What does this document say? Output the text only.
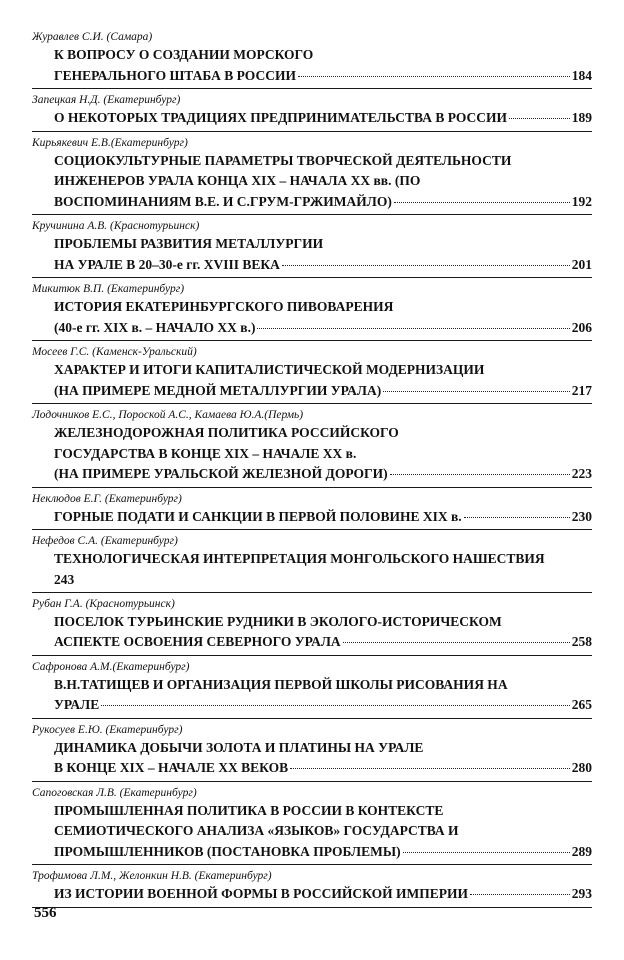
Журавлев С.И. (Самара)
К ВОПРОСУ О СОЗДАНИИ МОРСКОГО
ГЕНЕРАЛЬНОГО ШТАБА В РОССИИ	184
Запецкая Н.Д. (Екатеринбург)
О НЕКОТОРЫХ ТРАДИЦИЯХ ПРЕДПРИНИМАТЕЛЬСТВА В РОССИИ	189
Кирьякевич Е.В.(Екатеринбург)
СОЦИОКУЛЬТУРНЫЕ ПАРАМЕТРЫ ТВОРЧЕСКОЙ ДЕЯТЕЛЬНОСТИ
ИНЖЕНЕРОВ УРАЛА КОНЦА XIX – НАЧАЛА XX вв. (ПО
ВОСПОМИНАНИЯМ В.Е. И С.ГРУМ-ГРЖИМАЙЛО)	192
Кручинина А.В. (Краснотурьинск)
ПРОБЛЕМЫ РАЗВИТИЯ МЕТАЛЛУРГИИ
НА УРАЛЕ В 20–30-е гг. XVIII ВЕКА	201
Микитюк В.П. (Екатеринбург)
ИСТОРИЯ ЕКАТЕРИНБУРГСКОГО ПИВОВАРЕНИЯ
(40-е гг. XIX в. – НАЧАЛО XX в.)	206
Мосеев Г.С. (Каменск-Уральский)
ХАРАКТЕР И ИТОГИ КАПИТАЛИСТИЧЕСКОЙ МОДЕРНИЗАЦИИ
(НА ПРИМЕРЕ МЕДНОЙ МЕТАЛЛУРГИИ УРАЛА)	217
Лодочников Е.С., Пороской А.С., Камаева Ю.А.(Пермь)
ЖЕЛЕЗНОДОРОЖНАЯ ПОЛИТИКА РОССИЙСКОГО
ГОСУДАРСТВА В КОНЦЕ XIX – НАЧАЛЕ XX в.
(НА ПРИМЕРЕ УРАЛЬСКОЙ ЖЕЛЕЗНОЙ ДОРОГИ)	223
Неклюдов Е.Г. (Екатеринбург)
ГОРНЫЕ ПОДАТИ И САНКЦИИ В ПЕРВОЙ ПОЛОВИНЕ XIX в.	230
Нефедов С.А. (Екатеринбург)
ТЕХНОЛОГИЧЕСКАЯ ИНТЕРПРЕТАЦИЯ МОНГОЛЬСКОГО НАШЕСТВИЯ
243
Рубан Г.А. (Краснотурьинск)
ПОСЕЛОК ТУРЬИНСКИЕ РУДНИКИ В ЭКОЛОГО-ИСТОРИЧЕСКОМ
АСПЕКТЕ ОСВОЕНИЯ СЕВЕРНОГО УРАЛА	258
Сафронова А.М.(Екатеринбург)
В.Н.ТАТИЩЕВ И ОРГАНИЗАЦИЯ ПЕРВОЙ ШКОЛЫ РИСОВАНИЯ НА
УРАЛЕ	265
Рукосуев Е.Ю. (Екатеринбург)
ДИНАМИКА ДОБЫЧИ ЗОЛОТА И ПЛАТИНЫ НА УРАЛЕ
В КОНЦЕ XIX – НАЧАЛЕ XX ВЕКОВ	280
Сапоговская Л.В. (Екатеринбург)
ПРОМЫШЛЕННАЯ ПОЛИТИКА В РОССИИ В КОНТЕКСТЕ
СЕМИОТИЧЕСКОГО АНАЛИЗА «ЯЗЫКОВ» ГОСУДАРСТВА И
ПРОМЫШЛЕННИКОВ (ПОСТАНОВКА ПРОБЛЕМЫ)	289
Трофимова Л.М., Желонкин Н.В. (Екатеринбург)
ИЗ ИСТОРИИ ВОЕННОЙ ФОРМЫ В РОССИЙСКОЙ ИМПЕРИИ	293
556
